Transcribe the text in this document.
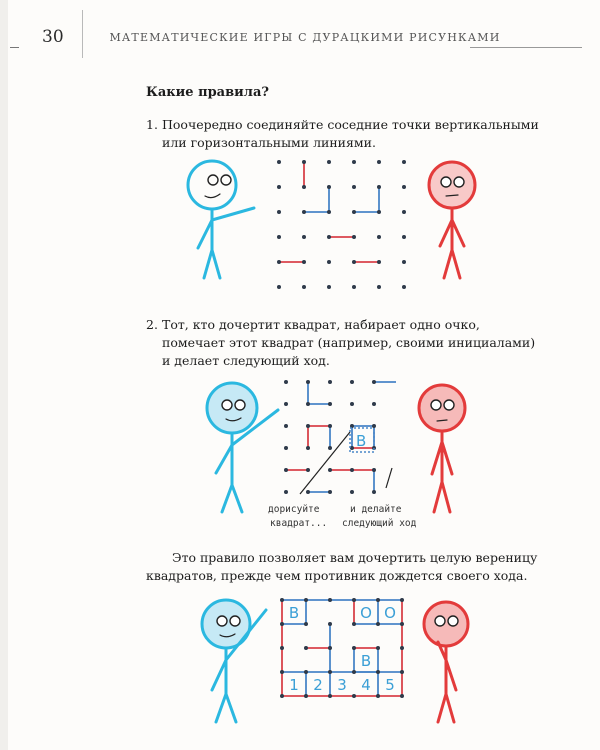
30	МАТЕМАТИЧЕСКИЕ ИГРЫ С ДУРАЦКИМИ РИСУНКАМИ
Какие правила?
1. Поочередно соединяйте соседние точки вертикальными или горизонтальными линиями.
2. Тот, кто дочертит квадрат, набирает одно очко, помечает этот квадрат (например, своими инициалами) и делает следующий ход.
B
дорисуйте
квадрат...
и делайте
следующий ход

Это правило позволяет вам дочертить целую вереницу квадратов, прежде чем противник дождется своего хода.

B	O O
B
1 2 3 4 5
